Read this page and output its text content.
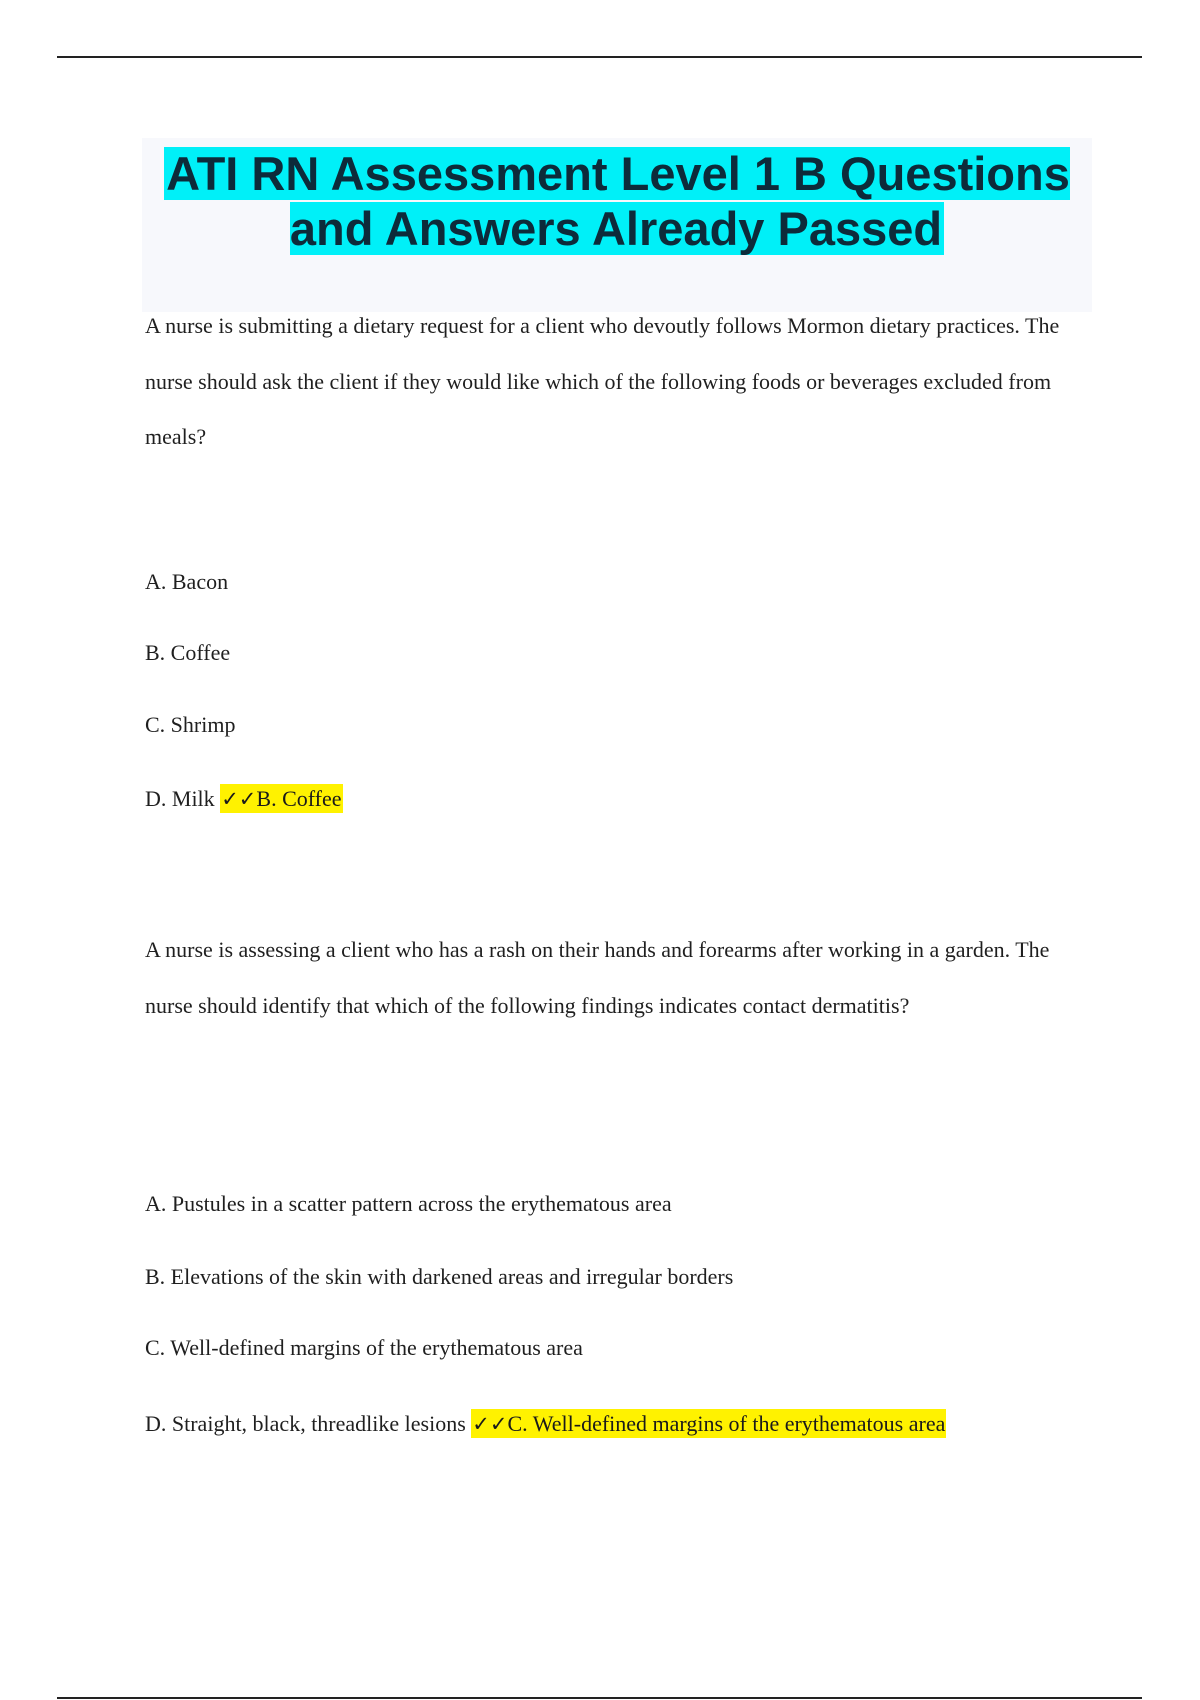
ATI RN Assessment Level 1 B Questions and Answers Already Passed

A nurse is submitting a dietary request for a client who devoutly follows Mormon dietary practices. The nurse should ask the client if they would like which of the following foods or beverages excluded from meals?

A. Bacon

B. Coffee

C. Shrimp

D. Milk ✓✓B. Coffee

A nurse is assessing a client who has a rash on their hands and forearms after working in a garden. The nurse should identify that which of the following findings indicates contact dermatitis?

A. Pustules in a scatter pattern across the erythematous area

B. Elevations of the skin with darkened areas and irregular borders

C. Well-defined margins of the erythematous area

D. Straight, black, threadlike lesions ✓✓C. Well-defined margins of the erythematous area
